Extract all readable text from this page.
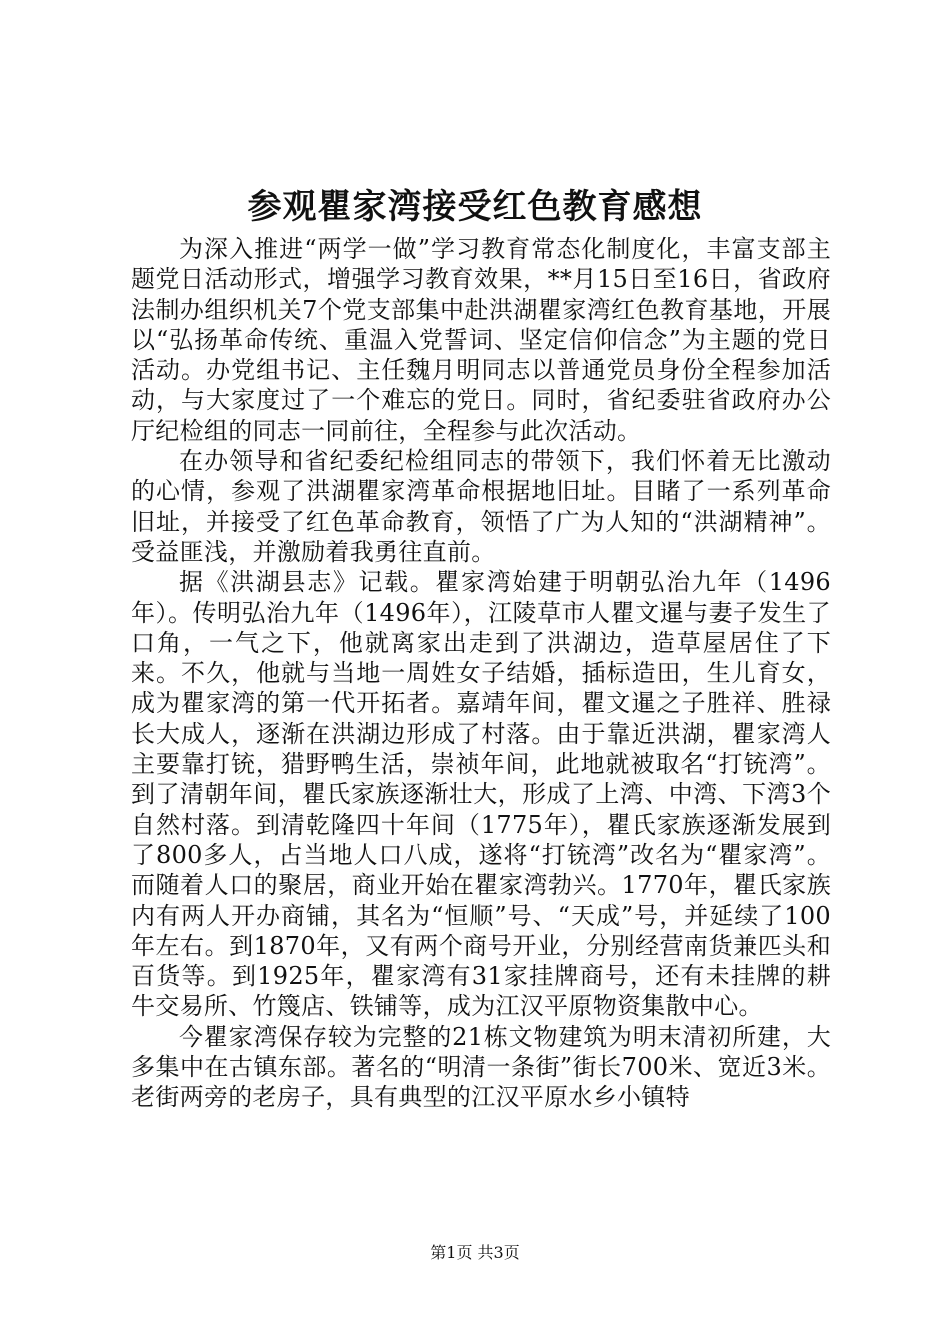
参观瞿家湾接受红色教育感想

为深入推进“两学一做”学习教育常态化制度化，丰富支部主题党日活动形式，增强学习教育效果，**月15日至16日，省政府法制办组织机关7个党支部集中赴洪湖瞿家湾红色教育基地，开展以“弘扬革命传统、重温入党誓词、坚定信仰信念”为主题的党日活动。办党组书记、主任魏月明同志以普通党员身份全程参加活动，与大家度过了一个难忘的党日。同时，省纪委驻省政府办公厅纪检组的同志一同前往，全程参与此次活动。

在办领导和省纪委纪检组同志的带领下，我们怀着无比激动的心情，参观了洪湖瞿家湾革命根据地旧址。目睹了一系列革命旧址，并接受了红色革命教育，领悟了广为人知的“洪湖精神”。受益匪浅，并激励着我勇往直前。

据《洪湖县志》记载。瞿家湾始建于明朝弘治九年（1496年）。传明弘治九年（1496年），江陵草市人瞿文暹与妻子发生了口角，一气之下，他就离家出走到了洪湖边，造草屋居住了下来。不久，他就与当地一周姓女子结婚，插标造田，生儿育女，成为瞿家湾的第一代开拓者。嘉靖年间，瞿文暹之子胜祥、胜禄长大成人，逐渐在洪湖边形成了村落。由于靠近洪湖，瞿家湾人主要靠打铳，猎野鸭生活，崇祯年间，此地就被取名“打铳湾”。到了清朝年间，瞿氏家族逐渐壮大，形成了上湾、中湾、下湾3个自然村落。到清乾隆四十年间（1775年），瞿氏家族逐渐发展到了800多人，占当地人口八成，遂将“打铳湾”改名为“瞿家湾”。而随着人口的聚居，商业开始在瞿家湾勃兴。1770年，瞿氏家族内有两人开办商铺，其名为“恒顺”号、“天成”号，并延续了100年左右。到1870年，又有两个商号开业，分别经营南货兼匹头和百货等。到1925年，瞿家湾有31家挂牌商号，还有未挂牌的耕牛交易所、竹篾店、铁铺等，成为江汉平原物资集散中心。

今瞿家湾保存较为完整的21栋文物建筑为明末清初所建，大多集中在古镇东部。著名的“明清一条街”街长700米、宽近3米。老街两旁的老房子，具有典型的江汉平原水乡小镇特

第1页 共3页
